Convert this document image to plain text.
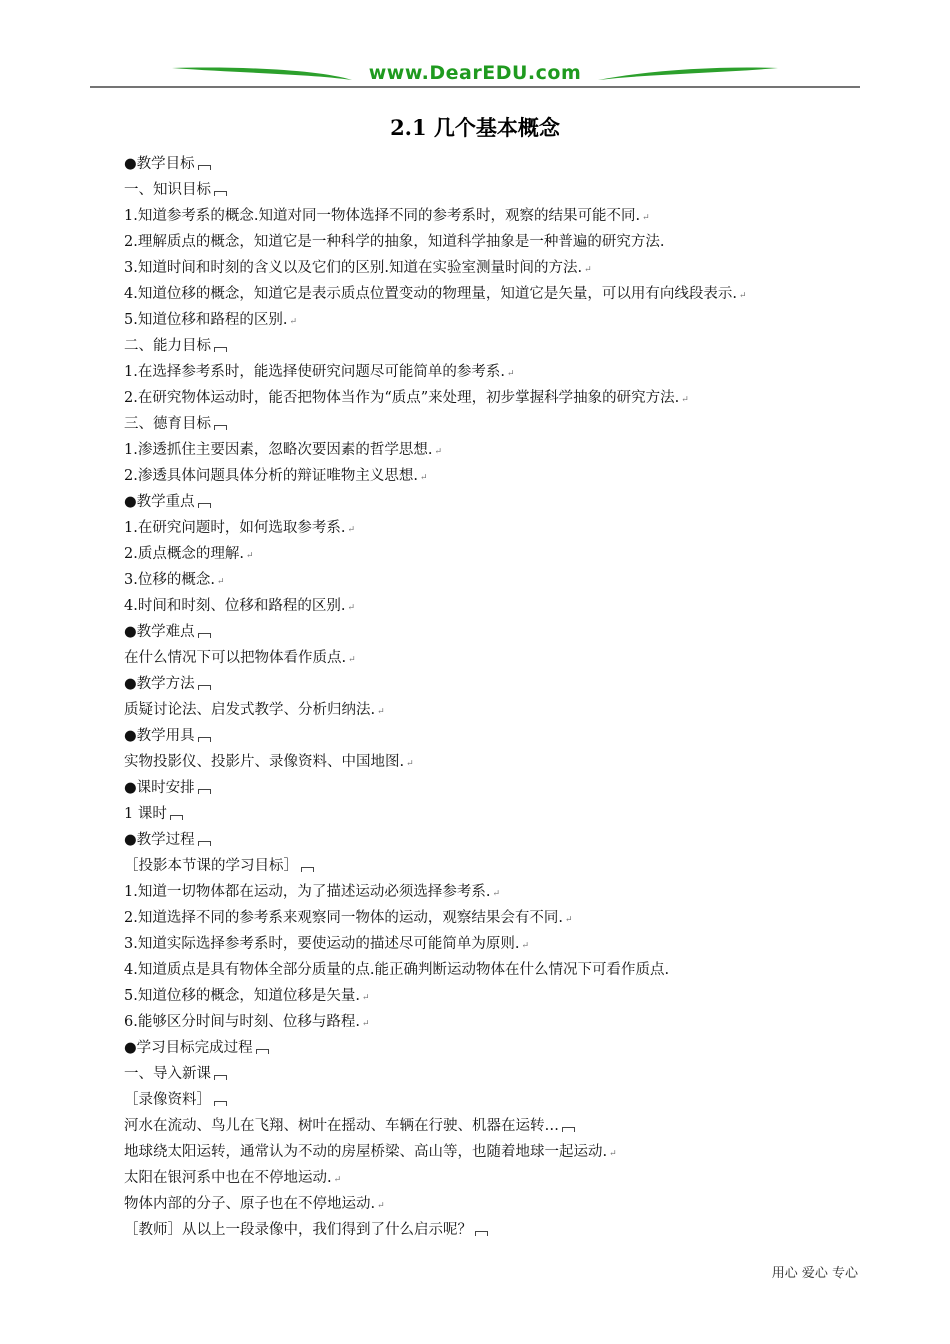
www.DearEDU.com
2.1 几个基本概念
●教学目标
一、知识目标
1.知道参考系的概念.知道对同一物体选择不同的参考系时，观察的结果可能不同. ↵
2.理解质点的概念，知道它是一种科学的抽象，知道科学抽象是一种普遍的研究方法.
3.知道时间和时刻的含义以及它们的区别.知道在实验室测量时间的方法. ↵
4.知道位移的概念，知道它是表示质点位置变动的物理量，知道它是矢量，可以用有向线段表示. ↵
5.知道位移和路程的区别. ↵
二、能力目标
1.在选择参考系时，能选择使研究问题尽可能简单的参考系. ↵
2.在研究物体运动时，能否把物体当作为“质点”来处理，初步掌握科学抽象的研究方法. ↵
三、德育目标
1.渗透抓住主要因素，忽略次要因素的哲学思想. ↵
2.渗透具体问题具体分析的辩证唯物主义思想. ↵
●教学重点
1.在研究问题时，如何选取参考系. ↵
2.质点概念的理解. ↵
3.位移的概念. ↵
4.时间和时刻、位移和路程的区别. ↵
●教学难点
在什么情况下可以把物体看作质点. ↵
●教学方法
质疑讨论法、启发式教学、分析归纳法. ↵
●教学用具
实物投影仪、投影片、录像资料、中国地图. ↵
●课时安排
1 课时
●教学过程
［投影本节课的学习目标］
1.知道一切物体都在运动，为了描述运动必须选择参考系. ↵
2.知道选择不同的参考系来观察同一物体的运动，观察结果会有不同. ↵
3.知道实际选择参考系时，要使运动的描述尽可能简单为原则. ↵
4.知道质点是具有物体全部分质量的点.能正确判断运动物体在什么情况下可看作质点.
5.知道位移的概念，知道位移是矢量. ↵
6.能够区分时间与时刻、位移与路程. ↵
●学习目标完成过程
一、导入新课
［录像资料］
河水在流动、鸟儿在飞翔、树叶在摇动、车辆在行驶、机器在运转…
地球绕太阳运转，通常认为不动的房屋桥梁、高山等，也随着地球一起运动. ↵
太阳在银河系中也在不停地运动. ↵
物体内部的分子、原子也在不停地运动. ↵
［教师］从以上一段录像中，我们得到了什么启示呢？
用心 爱心 专心
